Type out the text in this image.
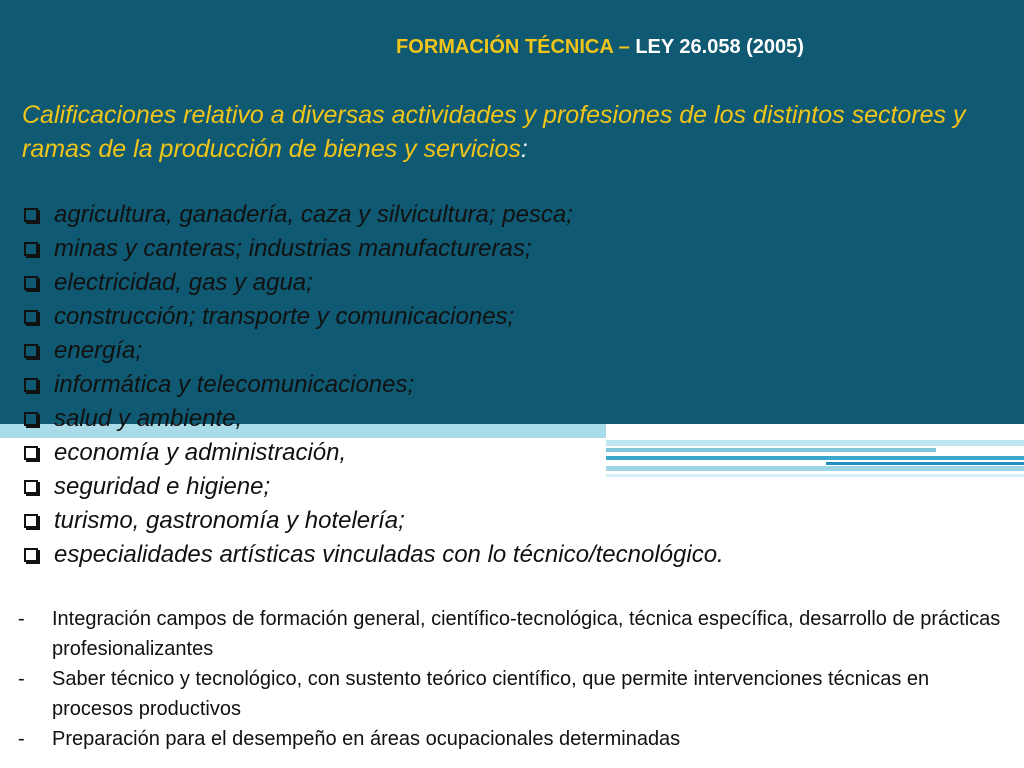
FORMACIÓN TÉCNICA – LEY 26.058 (2005)
Calificaciones relativo a diversas actividades y profesiones de los distintos sectores y ramas de la producción de bienes y servicios:
agricultura, ganadería, caza y silvicultura; pesca;
minas y canteras; industrias manufactureras;
electricidad, gas y agua;
construcción; transporte y comunicaciones;
energía;
informática y telecomunicaciones;
salud y ambiente,
economía y administración,
seguridad e higiene;
turismo, gastronomía y hotelería;
especialidades artísticas vinculadas con lo técnico/tecnológico.
-	Integración campos de formación general, científico-tecnológica, técnica específica, desarrollo de prácticas profesionalizantes
-	Saber técnico y tecnológico, con sustento teórico científico, que permite intervenciones técnicas en procesos productivos
-	Preparación para el desempeño en áreas ocupacionales determinadas
